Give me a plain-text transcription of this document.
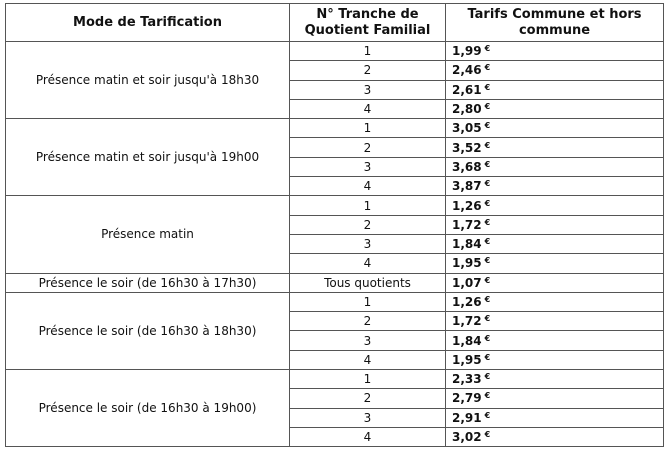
Mode de Tarification	N° Tranche de Quotient Familial	Tarifs Commune et hors commune
Présence matin et soir jusqu'à 18h30	1	1,99 €
	2	2,46 €
	3	2,61 €
	4	2,80 €
Présence matin et soir jusqu'à 19h00	1	3,05 €
	2	3,52 €
	3	3,68 €
	4	3,87 €
Présence matin	1	1,26 €
	2	1,72 €
	3	1,84 €
	4	1,95 €
Présence le soir (de 16h30 à 17h30)	Tous quotients	1,07 €
Présence le soir (de 16h30 à 18h30)	1	1,26 €
	2	1,72 €
	3	1,84 €
	4	1,95 €
Présence le soir (de 16h30 à 19h00)	1	2,33 €
	2	2,79 €
	3	2,91 €
	4	3,02 €
